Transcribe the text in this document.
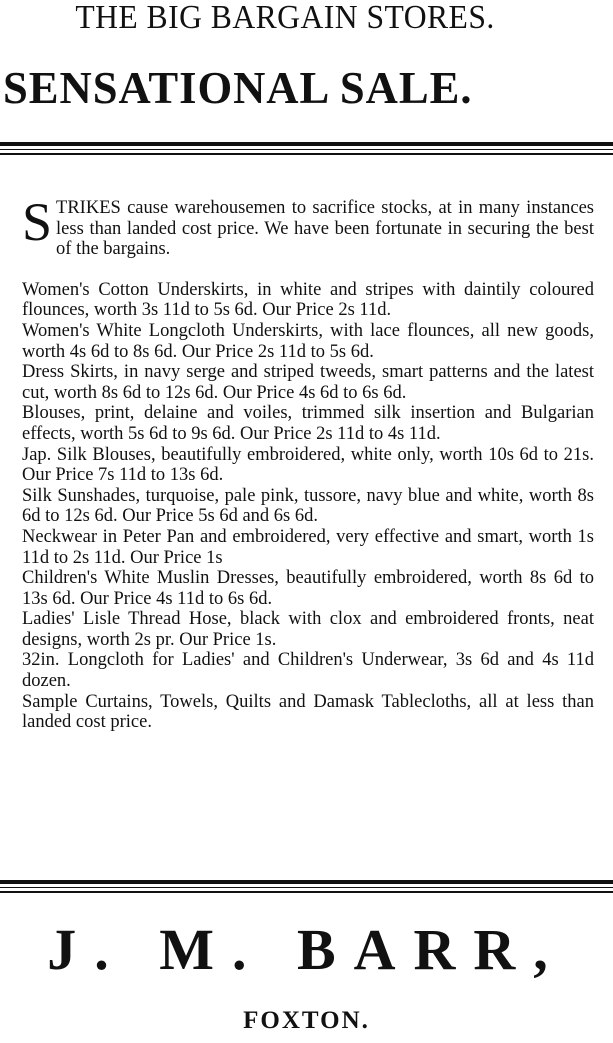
THE BIG BARGAIN STORES.
SENSATIONAL SALE.

STRIKES cause warehousemen to sacrifice stocks, at in many instances less than landed cost price. We have been fortunate in securing the best of the bargains.

Women's Cotton Underskirts, in white and stripes with daintily coloured flounces, worth 3s 11d to 5s 6d. Our Price 2s 11d.

Women's White Longcloth Underskirts, with lace flounces, all new goods, worth 4s 6d to 8s 6d. Our Price 2s 11d to 5s 6d.

Dress Skirts, in navy serge and striped tweeds, smart patterns and the latest cut, worth 8s 6d to 12s 6d. Our Price 4s 6d to 6s 6d.

Blouses, print, delaine and voiles, trimmed silk insertion and Bulgarian effects, worth 5s 6d to 9s 6d. Our Price 2s 11d to 4s 11d.

Jap. Silk Blouses, beautifully embroidered, white only, worth 10s 6d to 21s. Our Price 7s 11d to 13s 6d.

Silk Sunshades, turquoise, pale pink, tussore, navy blue and white, worth 8s 6d to 12s 6d. Our Price 5s 6d and 6s 6d.

Neckwear in Peter Pan and embroidered, very effective and smart, worth 1s 11d to 2s 11d. Our Price 1s

Children's White Muslin Dresses, beautifully embroidered, worth 8s 6d to 13s 6d. Our Price 4s 11d to 6s 6d.

Ladies' Lisle Thread Hose, black with clox and embroidered fronts, neat designs, worth 2s pr. Our Price 1s.

32in. Longcloth for Ladies' and Children's Underwear, 3s 6d and 4s 11d dozen.

Sample Curtains, Towels, Quilts and Damask Tablecloths, all at less than landed cost price.

J. M. BARR,
FOXTON.
